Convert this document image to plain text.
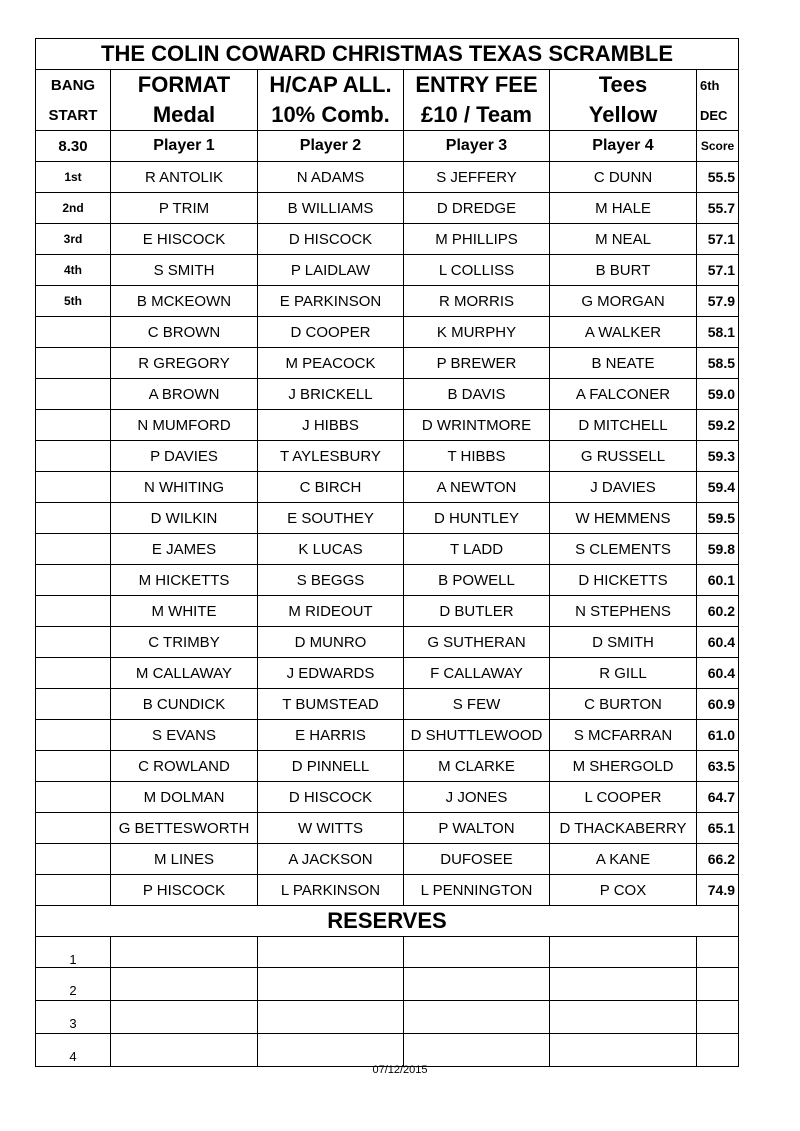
THE COLIN COWARD CHRISTMAS TEXAS SCRAMBLE					
BANG	FORMAT	H/CAP ALL.	ENTRY FEE	Tees	6th
START	Medal	10% Comb.	£10 / Team	Yellow	DEC
8.30	Player 1	Player 2	Player 3	Player 4	Score
1st	R ANTOLIK	N ADAMS	S JEFFERY	C DUNN	55.5
2nd	P TRIM	B WILLIAMS	D DREDGE	M HALE	55.7
3rd	E HISCOCK	D HISCOCK	M PHILLIPS	M NEAL	57.1
4th	S SMITH	P LAIDLAW	L COLLISS	B BURT	57.1
5th	B MCKEOWN	E PARKINSON	R MORRIS	G MORGAN	57.9
	C BROWN	D COOPER	K MURPHY	A WALKER	58.1
	R GREGORY	M PEACOCK	P BREWER	B NEATE	58.5
	A BROWN	J BRICKELL	B DAVIS	A FALCONER	59.0
	N MUMFORD	J HIBBS	D WRINTMORE	D MITCHELL	59.2
	P DAVIES	T AYLESBURY	T HIBBS	G RUSSELL	59.3
	N WHITING	C BIRCH	A NEWTON	J DAVIES	59.4
	D WILKIN	E SOUTHEY	D HUNTLEY	W HEMMENS	59.5
	E JAMES	K LUCAS	T LADD	S CLEMENTS	59.8
	M HICKETTS	S BEGGS	B POWELL	D HICKETTS	60.1
	M WHITE	M RIDEOUT	D BUTLER	N STEPHENS	60.2
	C TRIMBY	D MUNRO	G SUTHERAN	D SMITH	60.4
	M CALLAWAY	J EDWARDS	F CALLAWAY	R GILL	60.4
	B CUNDICK	T BUMSTEAD	S FEW	C BURTON	60.9
	S EVANS	E HARRIS	D SHUTTLEWOOD	S MCFARRAN	61.0
	C ROWLAND	D PINNELL	M CLARKE	M SHERGOLD	63.5
	M DOLMAN	D HISCOCK	J JONES	L COOPER	64.7
	G BETTESWORTH	W WITTS	P WALTON	D THACKABERRY	65.1
	M LINES	A JACKSON	DUFOSEE	A KANE	66.2
	P HISCOCK	L PARKINSON	L PENNINGTON	P COX	74.9
RESERVES					
1					
2					
3					
4					
07/12/2015
